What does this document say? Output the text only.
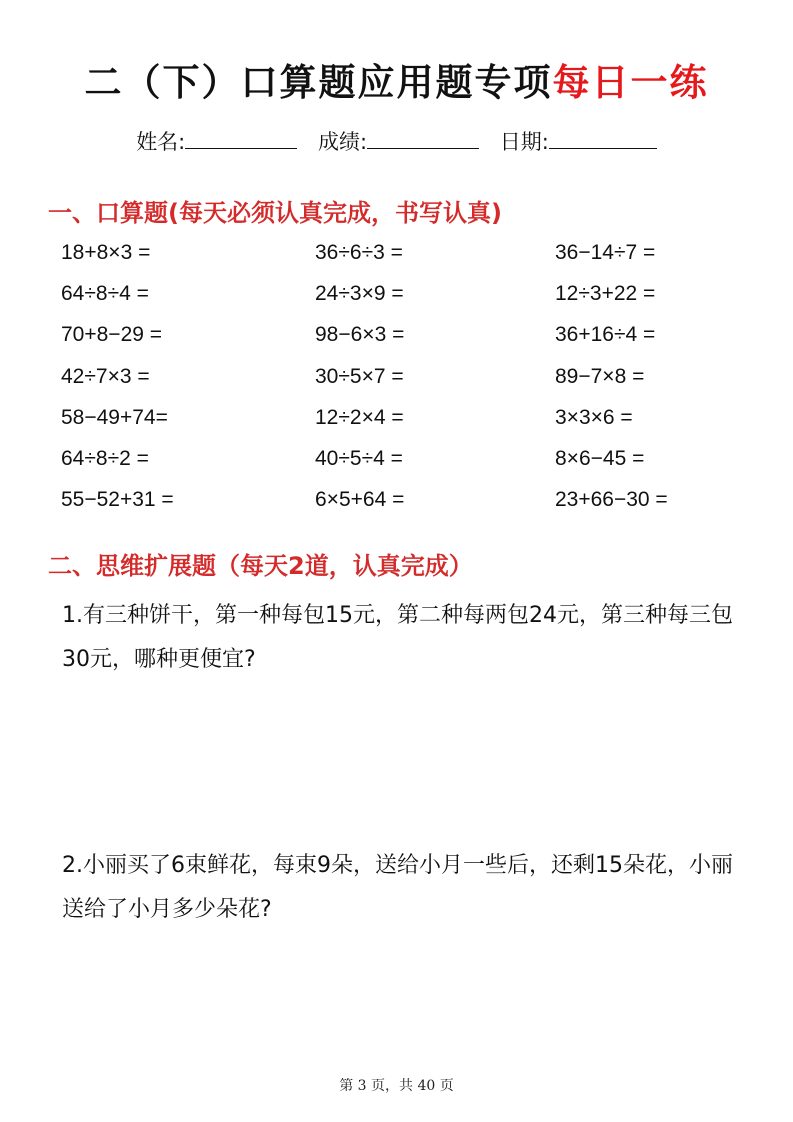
二（下）口算题应用题专项每日一练
姓名:	成绩:	日期:
一、口算题(每天必须认真完成，书写认真)
18+8×3 =	36÷6÷3 =	36−14÷7 =
64÷8÷4 =	24÷3×9 =	12÷3+22 =
70+8−29 =	98−6×3 =	36+16÷4 =
42÷7×3 =	30÷5×7 =	89−7×8 =
58−49+74=	12÷2×4 =	3×3×6 =
64÷8÷2 =	40÷5÷4 =	8×6−45 =
55−52+31 =	6×5+64 =	23+66−30 =
二、思维扩展题（每天2道，认真完成）
1.有三种饼干，第一种每包15元，第二种每两包24元，第三种每三包30元，哪种更便宜?
2.小丽买了6束鲜花，每束9朵，送给小月一些后，还剩15朵花，小丽送给了小月多少朵花?
第 3 页，共 40 页
